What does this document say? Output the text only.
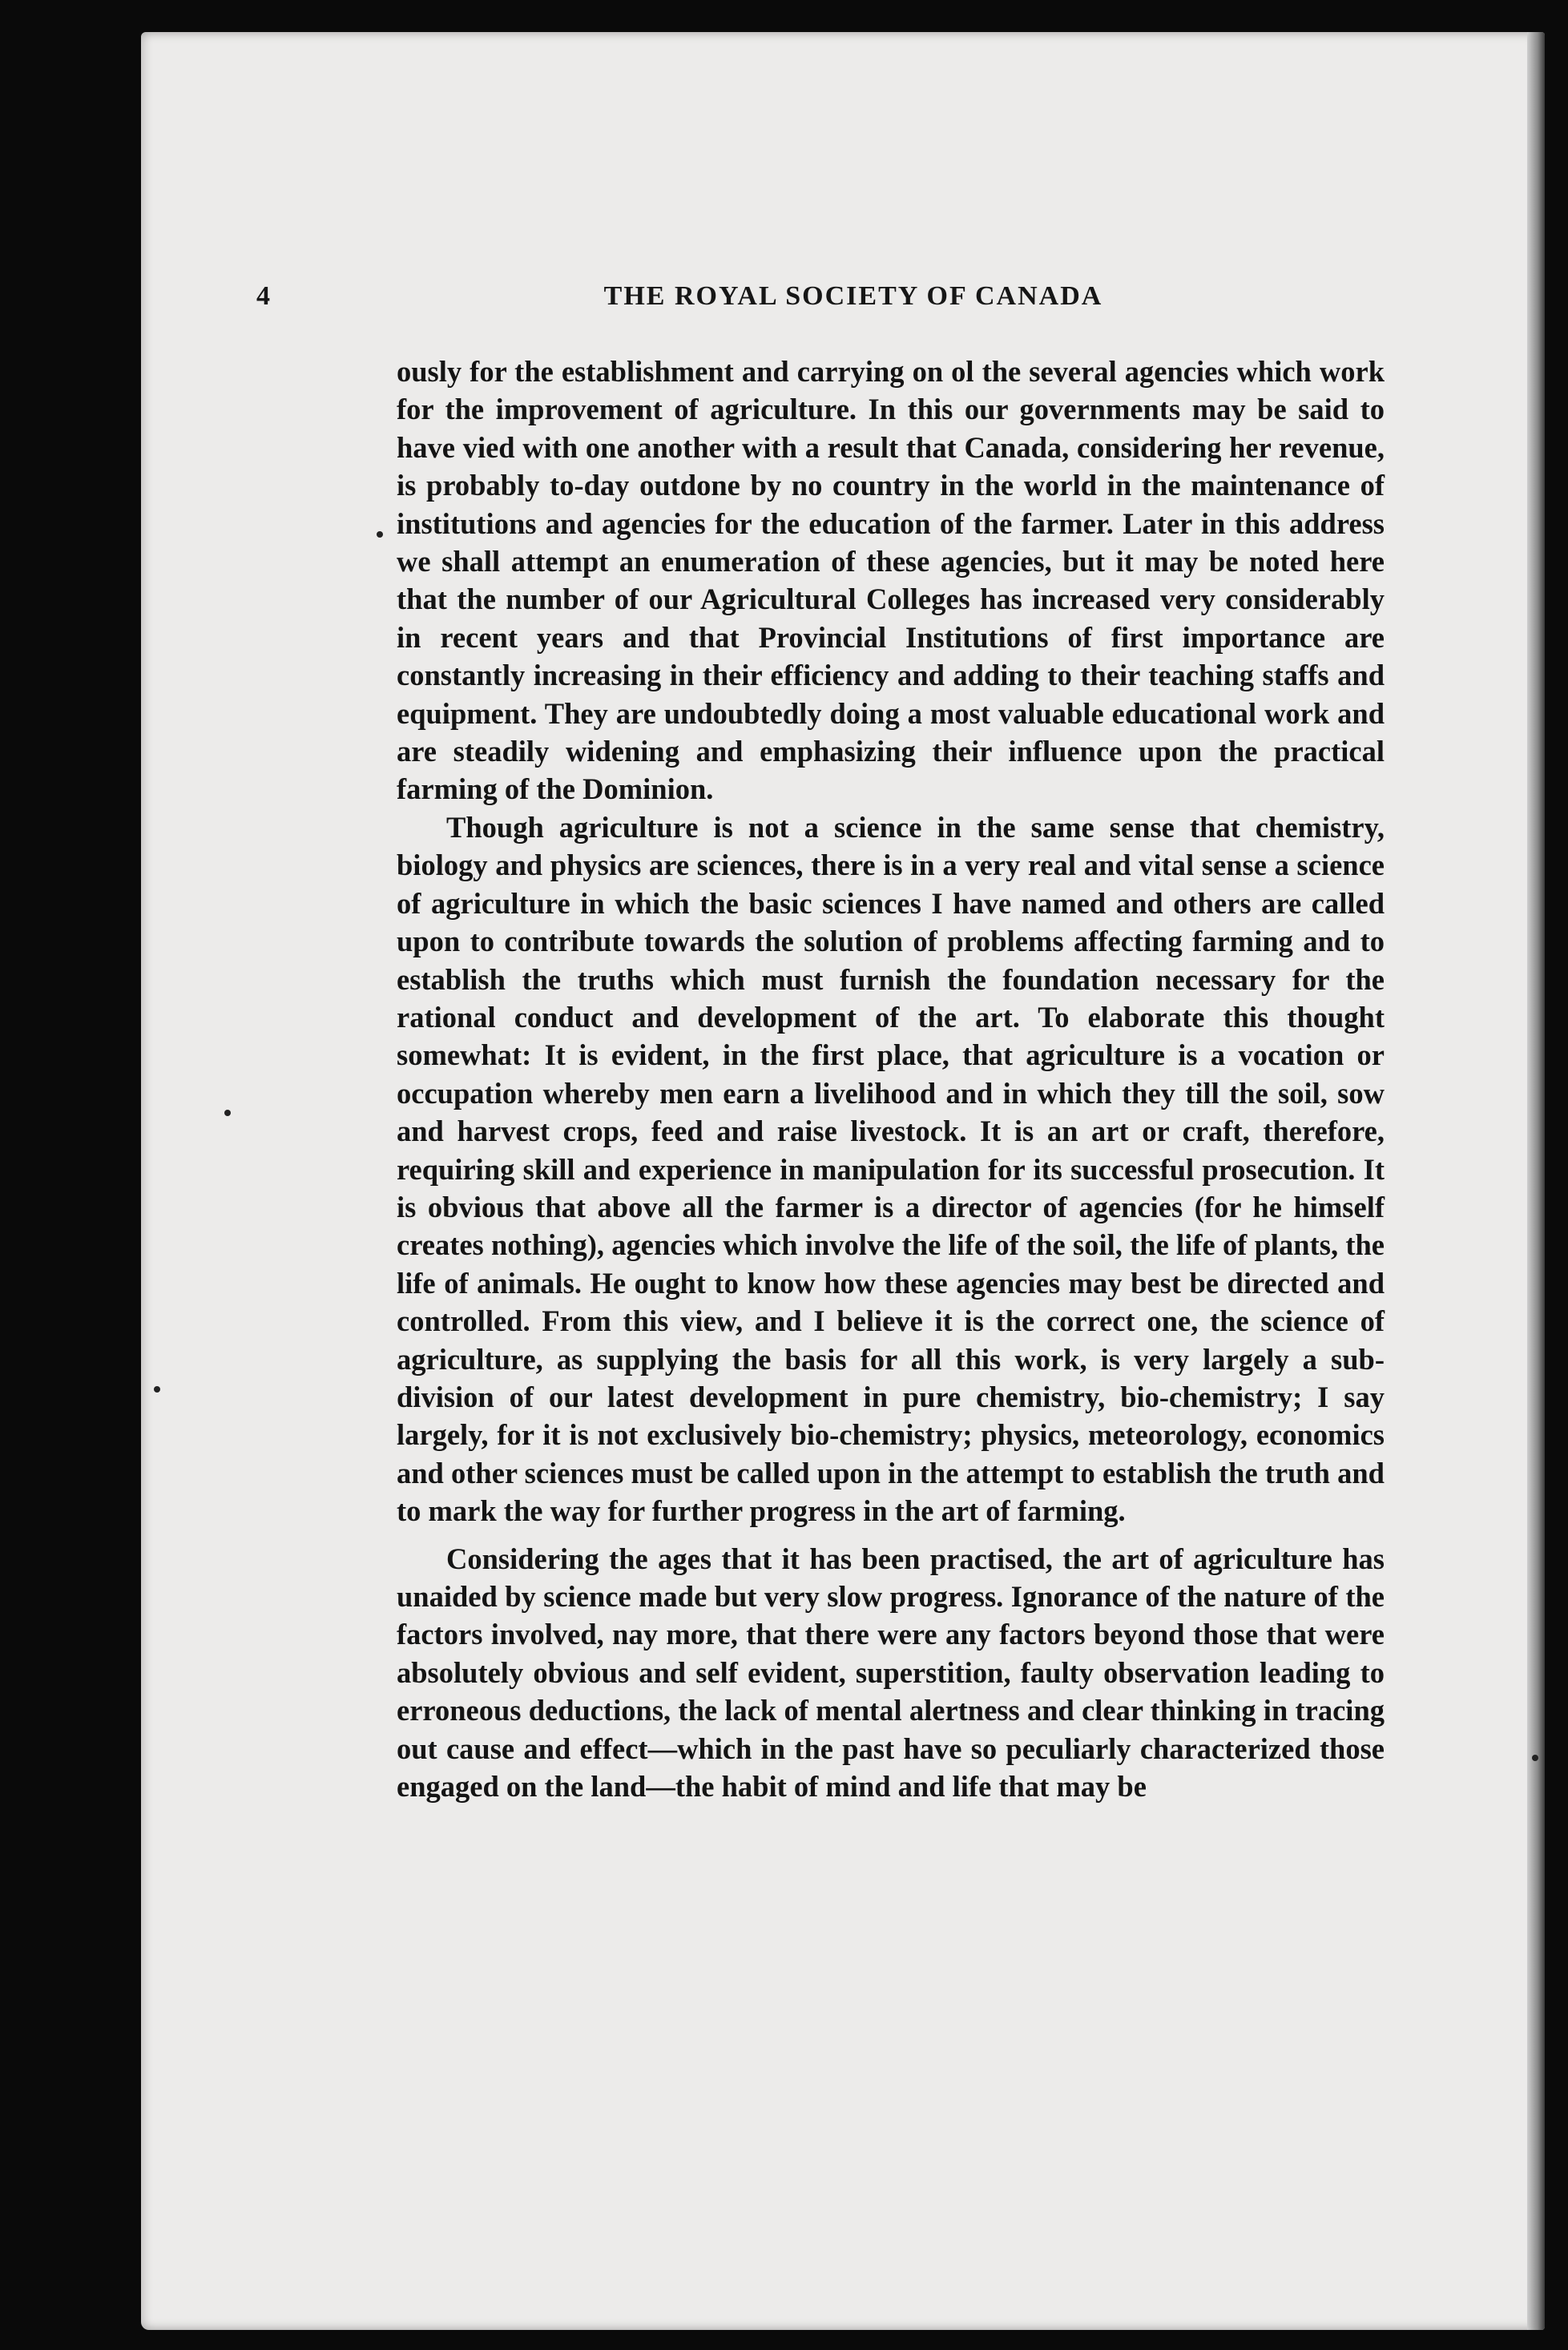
4	THE ROYAL SOCIETY OF CANADA

ously for the establishment and carrying on ol the several agencies which work for the improvement of agriculture. In this our governments may be said to have vied with one another with a result that Canada, considering her revenue, is probably to-day outdone by no country in the world in the maintenance of institutions and agencies for the education of the farmer. Later in this address we shall attempt an enumeration of these agencies, but it may be noted here that the number of our Agricultural Colleges has increased very considerably in recent years and that Provincial Institutions of first importance are constantly increasing in their efficiency and adding to their teaching staffs and equipment. They are undoubtedly doing a most valuable educational work and are steadily widening and emphasizing their influence upon the practical farming of the Dominion.

Though agriculture is not a science in the same sense that chemistry, biology and physics are sciences, there is in a very real and vital sense a science of agriculture in which the basic sciences I have named and others are called upon to contribute towards the solution of problems affecting farming and to establish the truths which must furnish the foundation necessary for the rational conduct and development of the art. To elaborate this thought somewhat: It is evident, in the first place, that agriculture is a vocation or occupation whereby men earn a livelihood and in which they till the soil, sow and harvest crops, feed and raise livestock. It is an art or craft, therefore, requiring skill and experience in manipulation for its successful prosecution. It is obvious that above all the farmer is a director of agencies (for he himself creates nothing), agencies which involve the life of the soil, the life of plants, the life of animals. He ought to know how these agencies may best be directed and controlled. From this view, and I believe it is the correct one, the science of agriculture, as supplying the basis for all this work, is very largely a sub-division of our latest development in pure chemistry, bio-chemistry; I say largely, for it is not exclusively bio-chemistry; physics, meteorology, economics and other sciences must be called upon in the attempt to establish the truth and to mark the way for further progress in the art of farming.

Considering the ages that it has been practised, the art of agriculture has unaided by science made but very slow progress. Ignorance of the nature of the factors involved, nay more, that there were any factors beyond those that were absolutely obvious and self evident, superstition, faulty observation leading to erroneous deductions, the lack of mental alertness and clear thinking in tracing out cause and effect—which in the past have so peculiarly characterized those engaged on the land—the habit of mind and life that may be
